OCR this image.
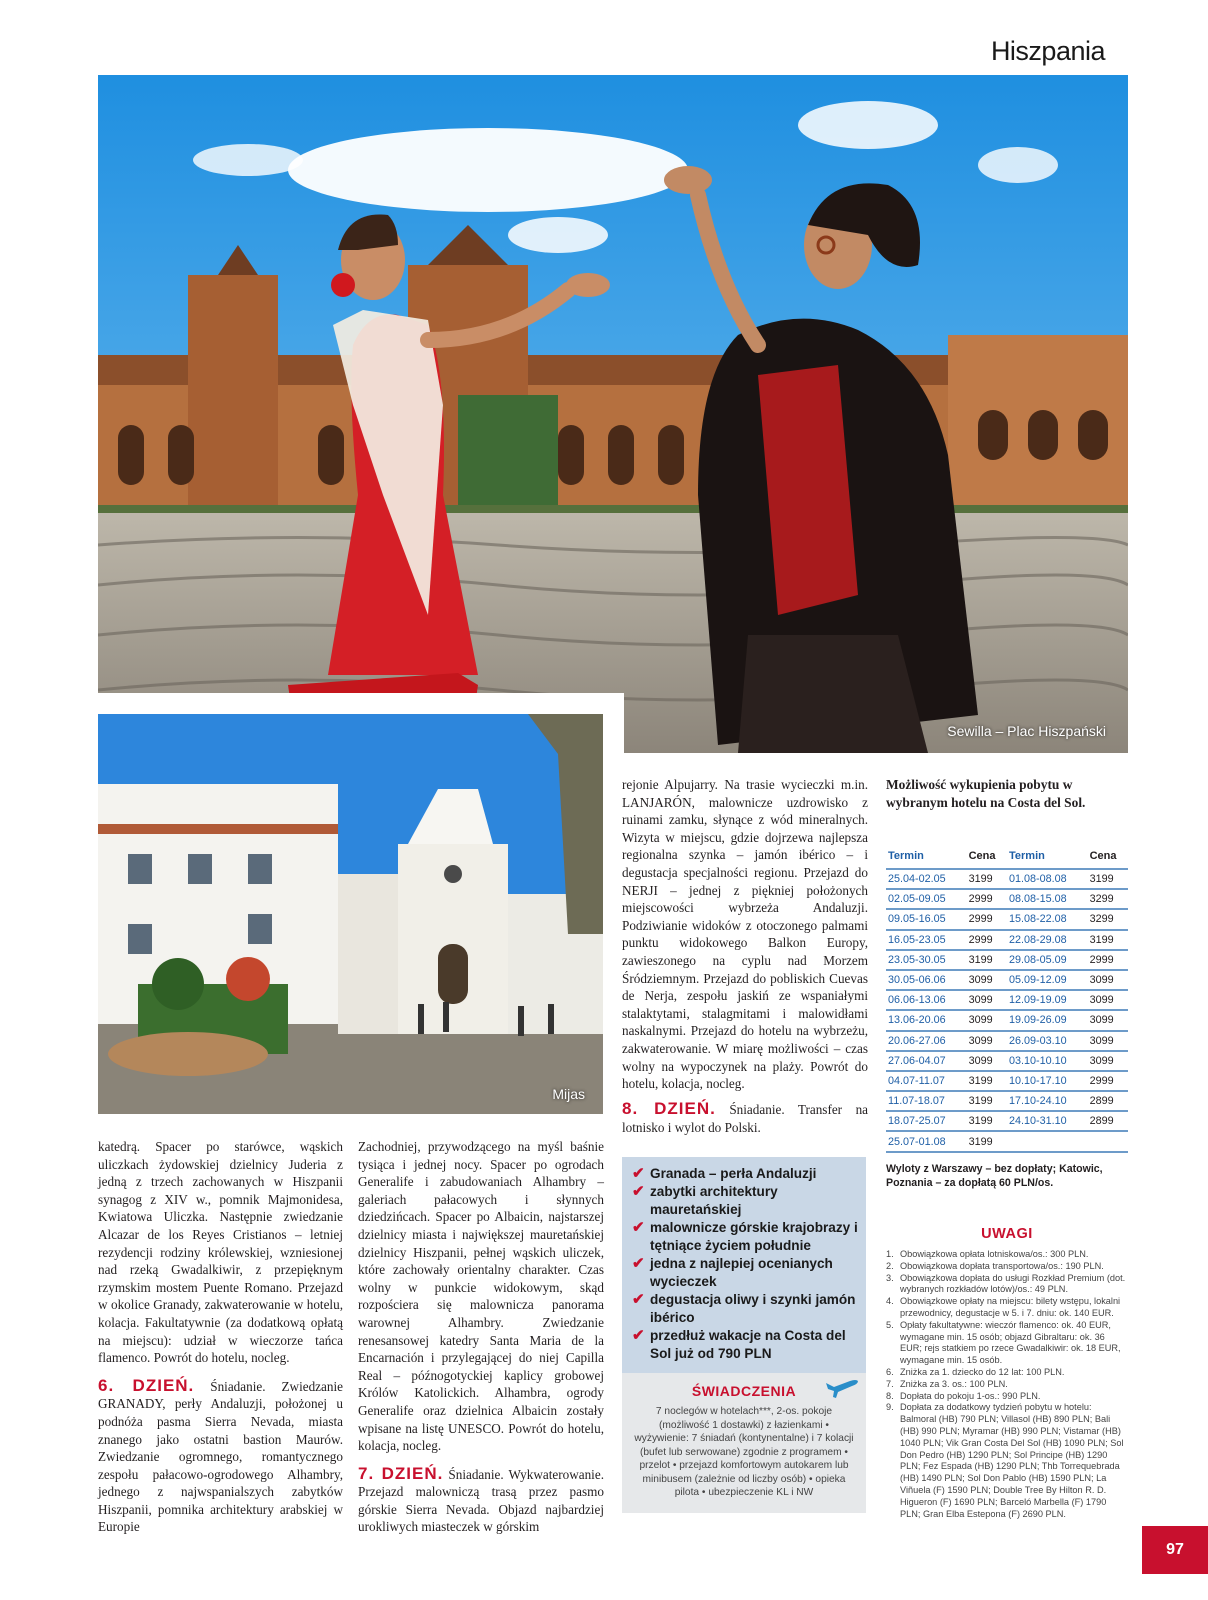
Hiszpania
Sewilla – Plac Hiszpański
Mijas

katedrą. Spacer po starówce, wąskich uliczkach żydowskiej dzielnicy Juderia z jedną z trzech zachowanych w Hiszpanii synagog z XIV w., pomnik Majmonidesa, Kwiatowa Uliczka. Następnie zwiedzanie Alcazar de los Reyes Cristianos – letniej rezydencji rodziny królewskiej, wzniesionej nad rzeką Gwadalkiwir, z przepięknym rzymskim mostem Puente Romano. Przejazd w okolice Granady, zakwaterowanie w hotelu, kolacja. Fakultatywnie (za dodatkową opłatą na miejscu): udział w wieczorze tańca flamenco. Powrót do hotelu, nocleg.

6. DZIEŃ. Śniadanie. Zwiedzanie GRANADY, perły Andaluzji, położonej u podnóża pasma Sierra Nevada, miasta znanego jako ostatni bastion Maurów. Zwiedzanie ogromnego, romantycznego zespołu pałacowo-ogrodowego Alhambry, jednego z najwspanialszych zabytków Hiszpanii, pomnika architektury arabskiej w Europie

Zachodniej, przywodzącego na myśl baśnie tysiąca i jednej nocy. Spacer po ogrodach Generalife i zabudowaniach Alhambry – galeriach pałacowych i słynnych dziedzińcach. Spacer po Albaicin, najstarszej dzielnicy miasta i największej mauretańskiej dzielnicy Hiszpanii, pełnej wąskich uliczek, które zachowały orientalny charakter. Czas wolny w punkcie widokowym, skąd rozpościera się malownicza panorama warownej Alhambry. Zwiedzanie renesansowej katedry Santa Maria de la Encarnación i przylegającej do niej Capilla Real – późnogotyckiej kaplicy grobowej Królów Katolickich. Alhambra, ogrody Generalife oraz dzielnica Albaicin zostały wpisane na listę UNESCO. Powrót do hotelu, kolacja, nocleg.

7. DZIEŃ. Śniadanie. Wykwaterowanie. Przejazd malowniczą trasą przez pasmo górskie Sierra Nevada. Objazd najbardziej urokliwych miasteczek w górskim

rejonie Alpujarry. Na trasie wycieczki m.in. LANJARÓN, malownicze uzdrowisko z ruinami zamku, słynące z wód mineralnych. Wizyta w miejscu, gdzie dojrzewa najlepsza regionalna szynka – jamón ibérico – i degustacja specjalności regionu. Przejazd do NERJI – jednej z piękniej położonych miejscowości wybrzeża Andaluzji. Podziwianie widoków z otoczonego palmami punktu widokowego Balkon Europy, zawieszonego na cyplu nad Morzem Śródziemnym. Przejazd do pobliskich Cuevas de Nerja, zespołu jaskiń ze wspaniałymi stalaktytami, stalagmitami i malowidłami naskalnymi. Przejazd do hotelu na wybrzeżu, zakwaterowanie. W miarę możliwości – czas wolny na wypoczynek na plaży. Powrót do hotelu, kolacja, nocleg.

8. DZIEŃ. Śniadanie. Transfer na lotnisko i wylot do Polski.
✔ Granada – perła Andaluzji
✔ zabytki architektury mauretańskiej
✔ malownicze górskie krajobrazy i tętniące życiem południe
✔ jedna z najlepiej ocenianych wycieczek
✔ degustacja oliwy i szynki jamón ibérico
✔ przedłuż wakacje na Costa del Sol już od 790 PLN
ŚWIADCZENIA
7 noclegów w hotelach***, 2-os. pokoje (możliwość 1 dostawki) z łazienkami • wyżywienie: 7 śniadań (kontynentalne) i 7 kolacji (bufet lub serwowane) zgodnie z programem • przelot • przejazd komfortowym autokarem lub minibusem (zależnie od liczby osób) • opieka pilota • ubezpieczenie KL i NW
Możliwość wykupienia pobytu w wybranym hotelu na Costa del Sol.
Termin	Cena	Termin	Cena
25.04-02.05	3199	01.08-08.08	3199
02.05-09.05	2999	08.08-15.08	3299
09.05-16.05	2999	15.08-22.08	3299
16.05-23.05	2999	22.08-29.08	3199
23.05-30.05	3199	29.08-05.09	2999
30.05-06.06	3099	05.09-12.09	3099
06.06-13.06	3099	12.09-19.09	3099
13.06-20.06	3099	19.09-26.09	3099
20.06-27.06	3099	26.09-03.10	3099
27.06-04.07	3099	03.10-10.10	3099
04.07-11.07	3199	10.10-17.10	2999
11.07-18.07	3199	17.10-24.10	2899
18.07-25.07	3199	24.10-31.10	2899
25.07-01.08	3199		
Wyloty z Warszawy – bez dopłaty; Katowic, Poznania – za dopłatą 60 PLN/os.
UWAGI
1. Obowiązkowa opłata lotniskowa/os.: 300 PLN.
2. Obowiązkowa dopłata transportowa/os.: 190 PLN.
3. Obowiązkowa dopłata do usługi Rozkład Premium (dot. wybranych rozkładów lotów)/os.: 49 PLN.
4. Obowiązkowe opłaty na miejscu: bilety wstępu, lokalni przewodnicy, degustacje w 5. i 7. dniu: ok. 140 EUR.
5. Opłaty fakultatywne: wieczór flamenco: ok. 40 EUR, wymagane min. 15 osób; objazd Gibraltaru: ok. 36 EUR; rejs statkiem po rzece Gwadalkiwir: ok. 18 EUR, wymagane min. 15 osób.
6. Zniżka za 1. dziecko do 12 lat: 100 PLN.
7. Zniżka za 3. os.: 100 PLN.
8. Dopłata do pokoju 1-os.: 990 PLN.
9. Dopłata za dodatkowy tydzień pobytu w hotelu: Balmoral (HB) 790 PLN; Villasol (HB) 890 PLN; Bali (HB) 990 PLN; Myramar (HB) 990 PLN; Vistamar (HB) 1040 PLN; Vik Gran Costa Del Sol (HB) 1090 PLN; Sol Don Pedro (HB) 1290 PLN; Sol Principe (HB) 1290 PLN; Fez Espada (HB) 1290 PLN; Thb Torrequebrada (HB) 1490 PLN; Sol Don Pablo (HB) 1590 PLN; La Viñuela (F) 1590 PLN; Double Tree By Hilton R. D. Higueron (F) 1690 PLN; Barceló Marbella (F) 1790 PLN; Gran Elba Estepona (F) 2690 PLN.
97
